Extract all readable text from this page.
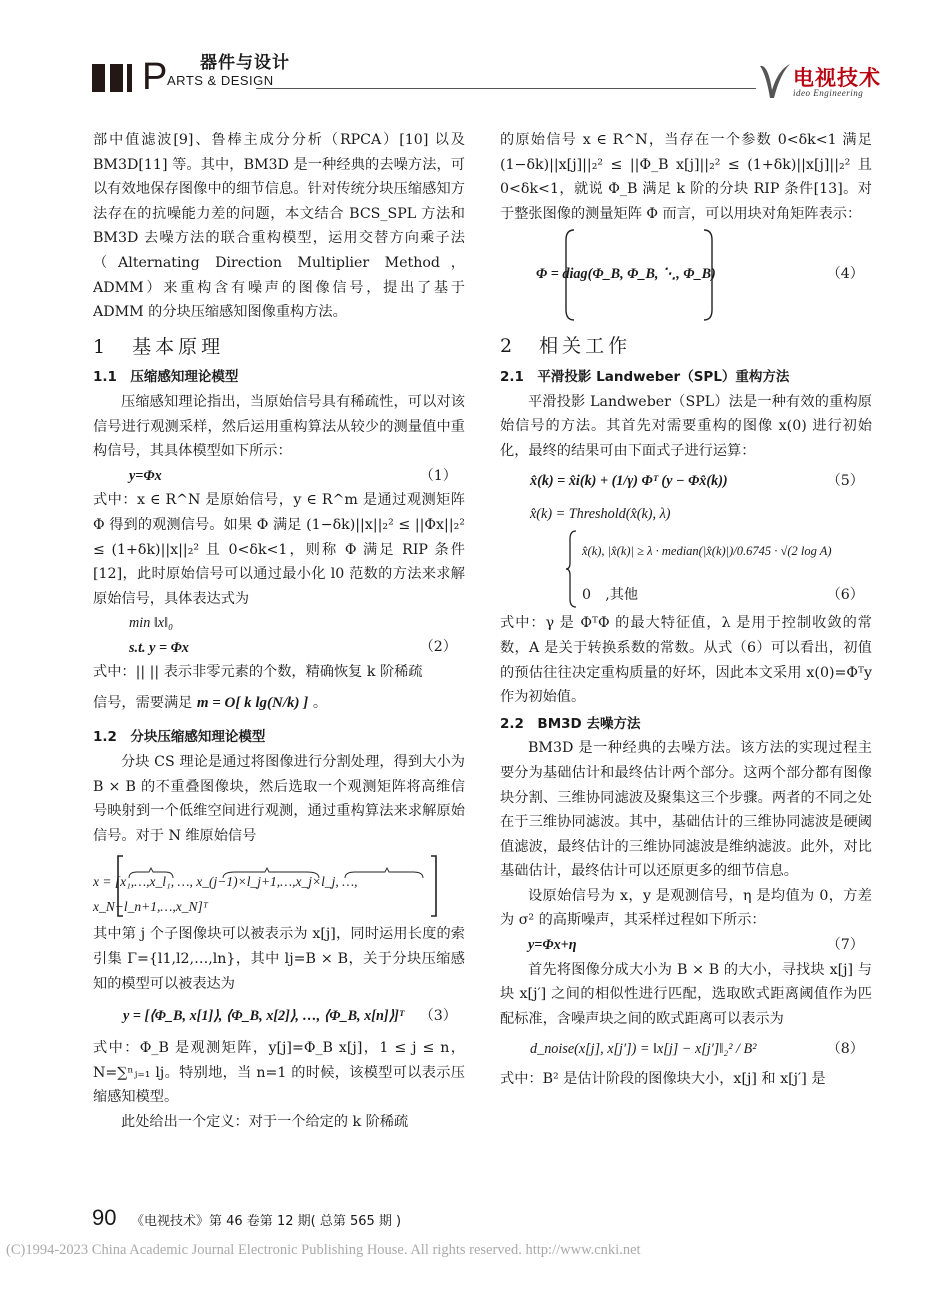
器件与设计
P ARTS & DESIGN	电视技术
ideo Engineering

部中值滤波[9]、鲁棒主成分分析（RPCA）[10] 以及 BM3D[11] 等。其中，BM3D 是一种经典的去噪方法，可以有效地保存图像中的细节信息。针对传统分块压缩感知方法存在的抗噪能力差的问题，本文结合 BCS_SPL 方法和 BM3D 去噪方法的联合重构模型，运用交替方向乘子法（Alternating Direction Multiplier Method，ADMM）来重构含有噪声的图像信号，提出了基于 ADMM 的分块压缩感知图像重构方法。

1　基本原理

1.1　压缩感知理论模型

压缩感知理论指出，当原始信号具有稀疏性，可以对该信号进行观测采样，然后运用重构算法从较少的测量值中重构信号，其具体模型如下所示：

y=Φx	（1）

式中：x ∈ R^N 是原始信号，y ∈ R^m 是通过观测矩阵 Φ 得到的观测信号。如果 Φ 满足 (1−δk)||x||₂² ≤ ||Φx||₂² ≤ (1+δk)||x||₂² 且 0<δk<1，则称 Φ 满足 RIP 条件[12]，此时原始信号可以通过最小化 l0 范数的方法来求解原始信号，具体表达式为

min ‖x‖₀
s.t. y = Φx	（2）

式中：|| || 表示非零元素的个数，精确恢复 k 阶稀疏

信号，需要满足 m = O[ k lg(N/k) ] 。

1.2　分块压缩感知理论模型

分块 CS 理论是通过将图像进行分割处理，得到大小为 B × B 的不重叠图像块，然后选取一个观测矩阵将高维信号映射到一个低维空间进行观测，通过重构算法来求解原始信号。对于 N 维原始信号

x = [x₁,…,x_l₁, …, x_(j−1)×l_j+1,…,x_j×l_j, …, x_N−l_n+1,…,x_N]ᵀ

其中第 j 个子图像块可以被表示为 x[j]，同时运用长度的索引集 Γ={l1,l2,…,ln}，其中 lj=B × B，关于分块压缩感知的模型可以被表达为

y = [⟨Φ_B, x[1]⟩, ⟨Φ_B, x[2]⟩, …, ⟨Φ_B, x[n]⟩]ᵀ （3）

式中：Φ_B 是观测矩阵，y[j]=Φ_B x[j]，1 ≤ j ≤ n，N=∑ⁿⱼ₌₁ lj。特别地，当 n=1 的时候，该模型可以表示压缩感知模型。

此处给出一个定义：对于一个给定的 k 阶稀疏

的原始信号 x ∈ R^N，当存在一个参数 0<δk<1 满足 (1−δk)||x[j]||₂² ≤ ||Φ_B x[j]||₂² ≤ (1+δk)||x[j]||₂² 且 0<δk<1，就说 Φ_B 满足 k 阶的分块 RIP 条件[13]。对于整张图像的测量矩阵 Φ 而言，可以用块对角矩阵表示：

Φ = diag(Φ_B, Φ_B, ⋱, Φ_B)	（4）

2　相关工作

2.1　平滑投影 Landweber（SPL）重构方法

平滑投影 Landweber（SPL）法是一种有效的重构原始信号的方法。其首先对需要重构的图像 x(0) 进行初始化，最终的结果可由下面式子进行运算：

x̂(k) = x̂i(k) + (1/γ) Φᵀ (y − Φx̂(k))	（5）
x̂(k) = Threshold(x̂(k), λ)
x̂(k), |x̂(k)| ≥ λ · median(|x̂(k)|)/0.6745 · √(2 log A)
0　,其他	（6）

式中：γ 是 ΦᵀΦ 的最大特征值，λ 是用于控制收敛的常数，A 是关于转换系数的常数。从式（6）可以看出，初值的预估往往决定重构质量的好坏，因此本文采用 x(0)=Φᵀy 作为初始值。

2.2　BM3D 去噪方法

BM3D 是一种经典的去噪方法。该方法的实现过程主要分为基础估计和最终估计两个部分。这两个部分都有图像块分割、三维协同滤波及聚集这三个步骤。两者的不同之处在于三维协同滤波。其中，基础估计的三维协同滤波是硬阈值滤波，最终估计的三维协同滤波是维纳滤波。此外，对比基础估计，最终估计可以还原更多的细节信息。

设原始信号为 x，y 是观测信号，η 是均值为 0，方差为 σ² 的高斯噪声，其采样过程如下所示：

y=Φx+η	（7）

首先将图像分成大小为 B × B 的大小，寻找块 x[j] 与块 x[j′] 之间的相似性进行匹配，选取欧式距离阈值作为匹配标准，含噪声块之间的欧式距离可以表示为

d_noise(x[j], x[j′]) = ‖x[j] − x[j′]‖₂² / B²	（8）

式中：B² 是估计阶段的图像块大小，x[j] 和 x[j′] 是

90 《电视技术》第 46 卷第 12 期( 总第 565 期 )
(C)1994-2023 China Academic Journal Electronic Publishing House. All rights reserved. http://www.cnki.net
